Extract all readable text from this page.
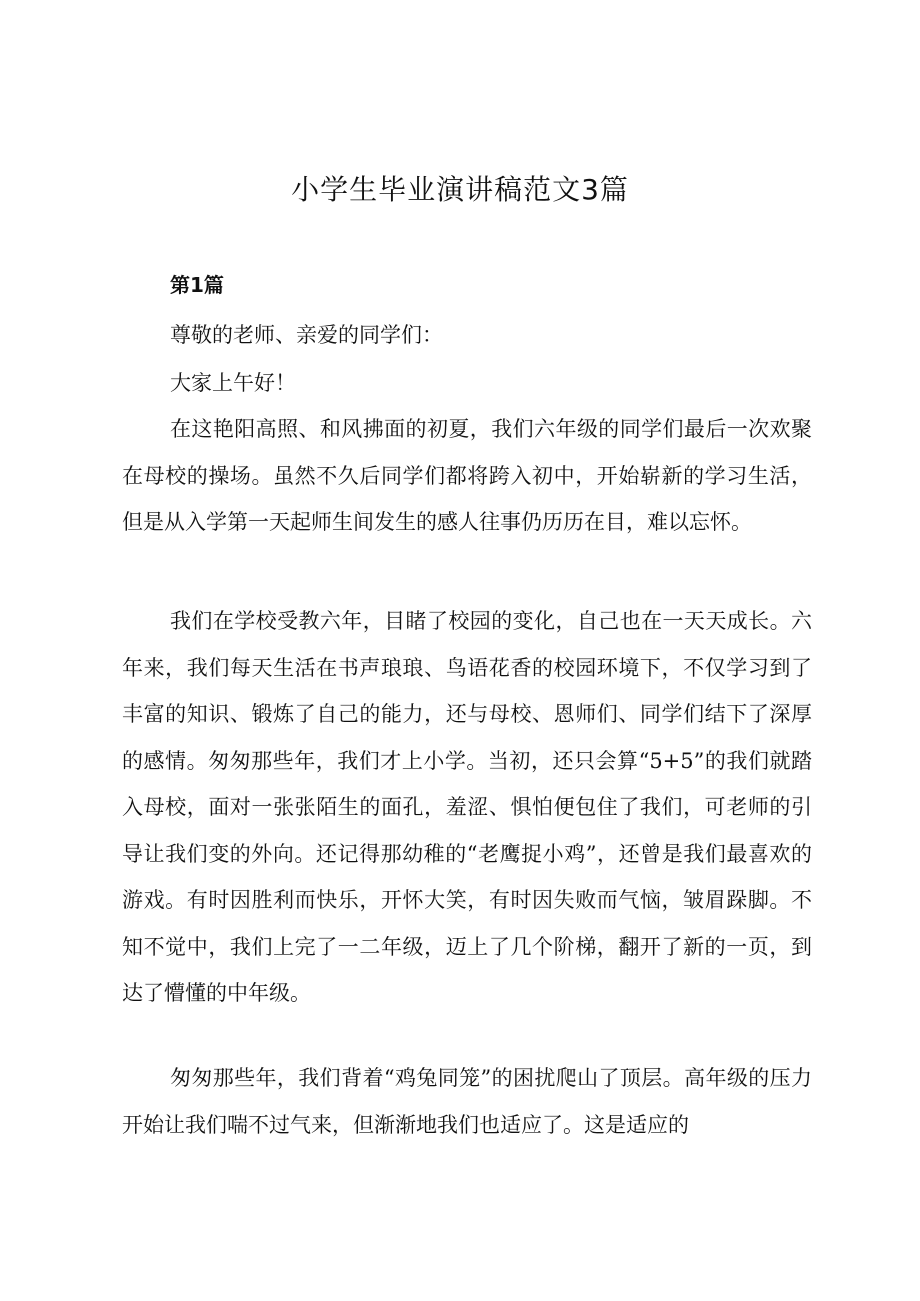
小学生毕业演讲稿范文3篇
第1篇

尊敬的老师、亲爱的同学们：

大家上午好！

在这艳阳高照、和风拂面的初夏，我们六年级的同学们最后一次欢聚在母校的操场。虽然不久后同学们都将跨入初中，开始崭新的学习生活，但是从入学第一天起师生间发生的感人往事仍历历在目，难以忘怀。

我们在学校受教六年，目睹了校园的变化，自己也在一天天成长。六年来，我们每天生活在书声琅琅、鸟语花香的校园环境下，不仅学习到了丰富的知识、锻炼了自己的能力，还与母校、恩师们、同学们结下了深厚的感情。匆匆那些年，我们才上小学。当初，还只会算“5+5”的我们就踏入母校，面对一张张陌生的面孔，羞涩、惧怕便包住了我们，可老师的引导让我们变的外向。还记得那幼稚的“老鹰捉小鸡”，还曾是我们最喜欢的游戏。有时因胜利而快乐，开怀大笑，有时因失败而气恼，皱眉跺脚。不知不觉中，我们上完了一二年级，迈上了几个阶梯，翻开了新的一页，到达了懵懂的中年级。

匆匆那些年，我们背着“鸡兔同笼”的困扰爬山了顶层。高年级的压力开始让我们喘不过气来，但渐渐地我们也适应了。这是适应的
